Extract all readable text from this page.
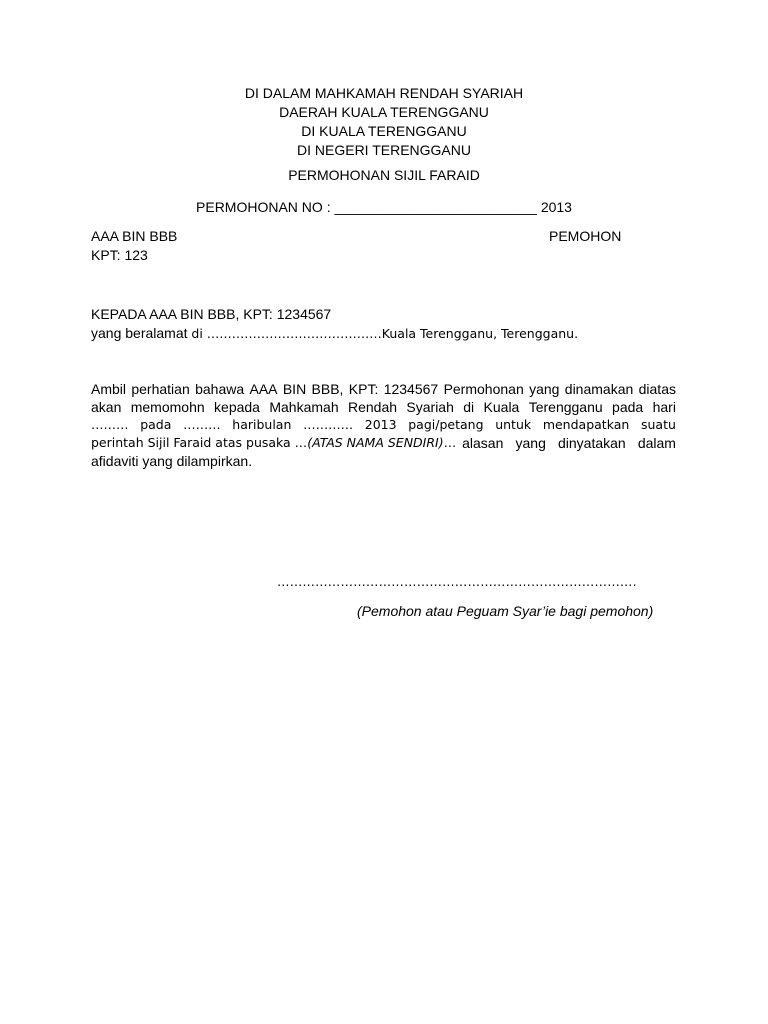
DI DALAM MAHKAMAH RENDAH SYARIAH
DAERAH KUALA TERENGGANU
DI KUALA TERENGGANU
DI NEGERI TERENGGANU
PERMOHONAN SIJIL FARAID
PERMOHONAN NO : __________________________ 2013
AAA BIN BBB	PEMOHON
KPT: 123
KEPADA AAA BIN BBB, KPT: 1234567
yang beralamat di ……………………………………Kuala Terengganu, Terengganu.
Ambil perhatian bahawa AAA BIN BBB, KPT: 1234567 Permohonan yang dinamakan diatas
akan memomohn kepada Mahkamah Rendah Syariah di Kuala Terengganu pada hari
……… pada ……… haribulan ………… 2013 pagi/petang untuk mendapatkan suatu
perintah Sijil Faraid atas pusaka …(ATAS NAMA SENDIRI)… alasan yang dinyatakan dalam
afidaviti yang dilampirkan.
………………………………………………………………………….
(Pemohon atau Peguam Syar’ie bagi pemohon)
